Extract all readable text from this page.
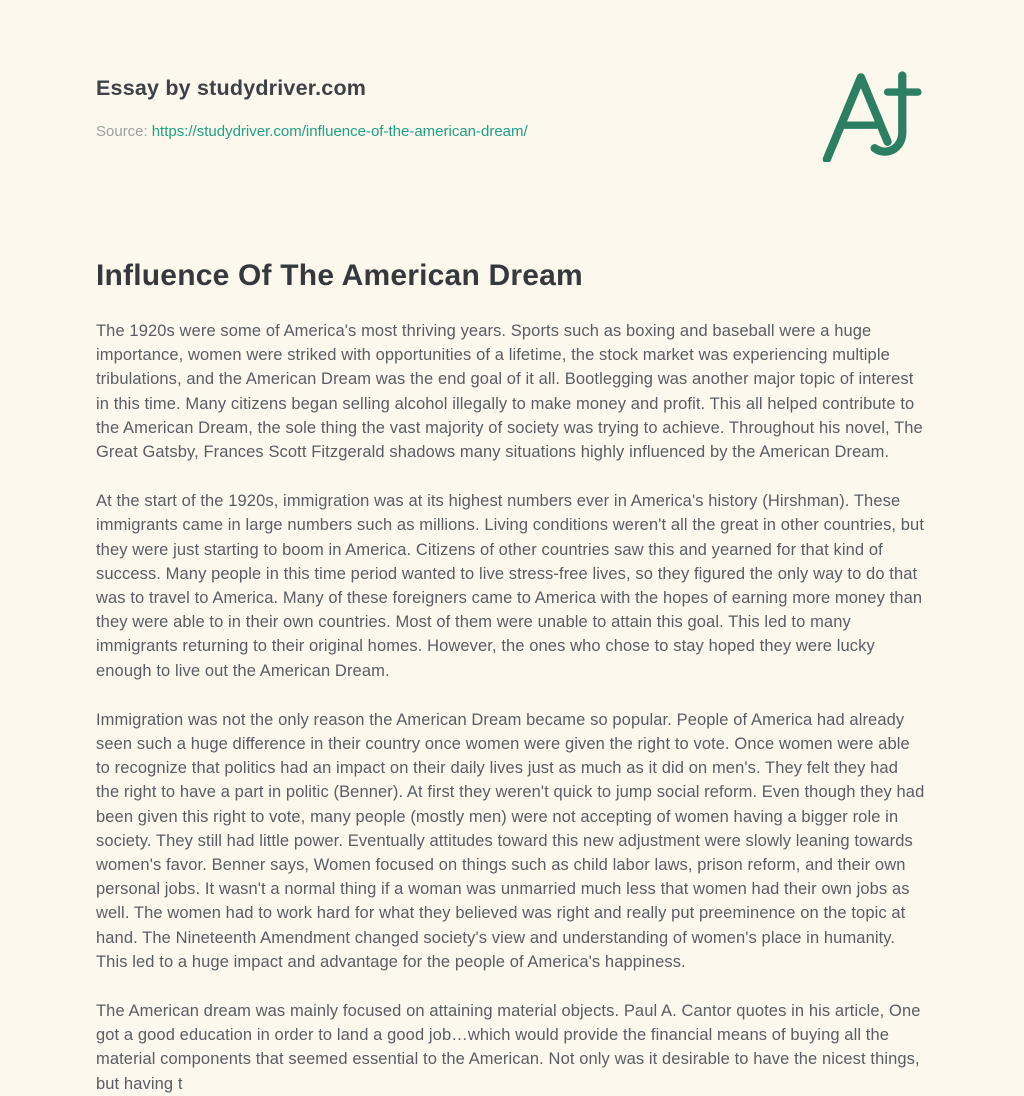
Essay by studydriver.com
Source: https://studydriver.com/influence-of-the-american-dream/
Influence Of The American Dream

The 1920s were some of America's most thriving years. Sports such as boxing and baseball were a huge importance, women were striked with opportunities of a lifetime, the stock market was experiencing multiple tribulations, and the American Dream was the end goal of it all. Bootlegging was another major topic of interest in this time. Many citizens began selling alcohol illegally to make money and profit. This all helped contribute to the American Dream, the sole thing the vast majority of society was trying to achieve. Throughout his novel, The Great Gatsby, Frances Scott Fitzgerald shadows many situations highly influenced by the American Dream.

At the start of the 1920s, immigration was at its highest numbers ever in America's history (Hirshman). These immigrants came in large numbers such as millions. Living conditions weren't all the great in other countries, but they were just starting to boom in America. Citizens of other countries saw this and yearned for that kind of success. Many people in this time period wanted to live stress-free lives, so they figured the only way to do that was to travel to America. Many of these foreigners came to America with the hopes of earning more money than they were able to in their own countries. Most of them were unable to attain this goal. This led to many immigrants returning to their original homes. However, the ones who chose to stay hoped they were lucky enough to live out the American Dream.

Immigration was not the only reason the American Dream became so popular. People of America had already seen such a huge difference in their country once women were given the right to vote. Once women were able to recognize that politics had an impact on their daily lives just as much as it did on men's. They felt they had the right to have a part in politic (Benner). At first they weren't quick to jump social reform. Even though they had been given this right to vote, many people (mostly men) were not accepting of women having a bigger role in society. They still had little power. Eventually attitudes toward this new adjustment were slowly leaning towards women's favor. Benner says, Women focused on things such as child labor laws, prison reform, and their own personal jobs. It wasn't a normal thing if a woman was unmarried much less that women had their own jobs as well. The women had to work hard for what they believed was right and really put preeminence on the topic at hand. The Nineteenth Amendment changed society's view and understanding of women's place in humanity. This led to a huge impact and advantage for the people of America's happiness.

The American dream was mainly focused on attaining material objects. Paul A. Cantor quotes in his article, One got a good education in order to land a good job…which would provide the financial means of buying all the material components that seemed essential to the American. Not only was it desirable to have the nicest things, but having t
